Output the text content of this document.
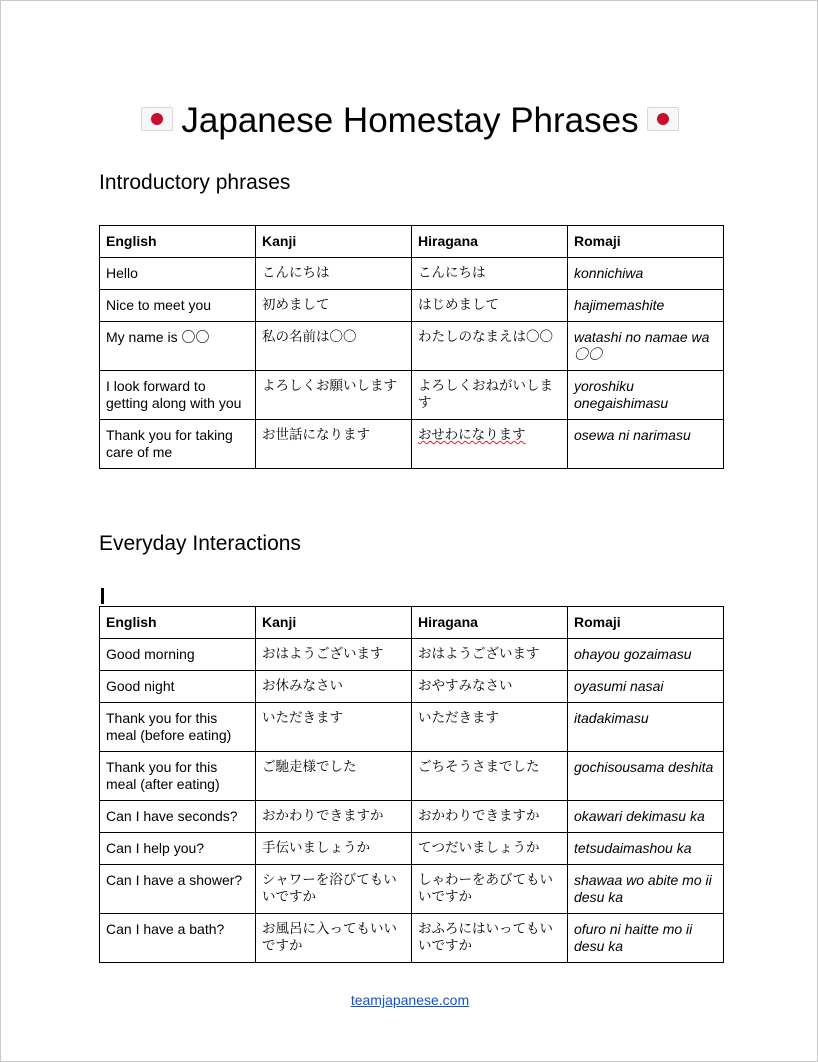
Japanese Homestay Phrases
Introductory phrases
English	Kanji	Hiragana	Romaji
Hello	こんにちは	こんにちは	konnichiwa
Nice to meet you	初めまして	はじめまして	hajimemashite
My name is 〇〇	私の名前は〇〇	わたしのなまえは〇〇	watashi no namae wa 〇〇
I look forward to getting along with you	よろしくお願いします	よろしくおねがいします	yoroshiku onegaishimasu
Thank you for taking care of me	お世話になります	おせわになります	osewa ni narimasu
Everyday Interactions
English	Kanji	Hiragana	Romaji
Good morning	おはようございます	おはようございます	ohayou gozaimasu
Good night	お休みなさい	おやすみなさい	oyasumi nasai
Thank you for this meal (before eating)	いただきます	いただきます	itadakimasu
Thank you for this meal (after eating)	ご馳走様でした	ごちそうさまでした	gochisousama deshita
Can I have seconds?	おかわりできますか	おかわりできますか	okawari dekimasu ka
Can I help you?	手伝いましょうか	てつだいましょうか	tetsudaimashou ka
Can I have a shower?	シャワーを浴びてもいいですか	しゃわーをあびてもいいですか	shawaa wo abite mo ii desu ka
Can I have a bath?	お風呂に入ってもいいですか	おふろにはいってもいいですか	ofuro ni haitte mo ii desu ka
teamjapanese.com
